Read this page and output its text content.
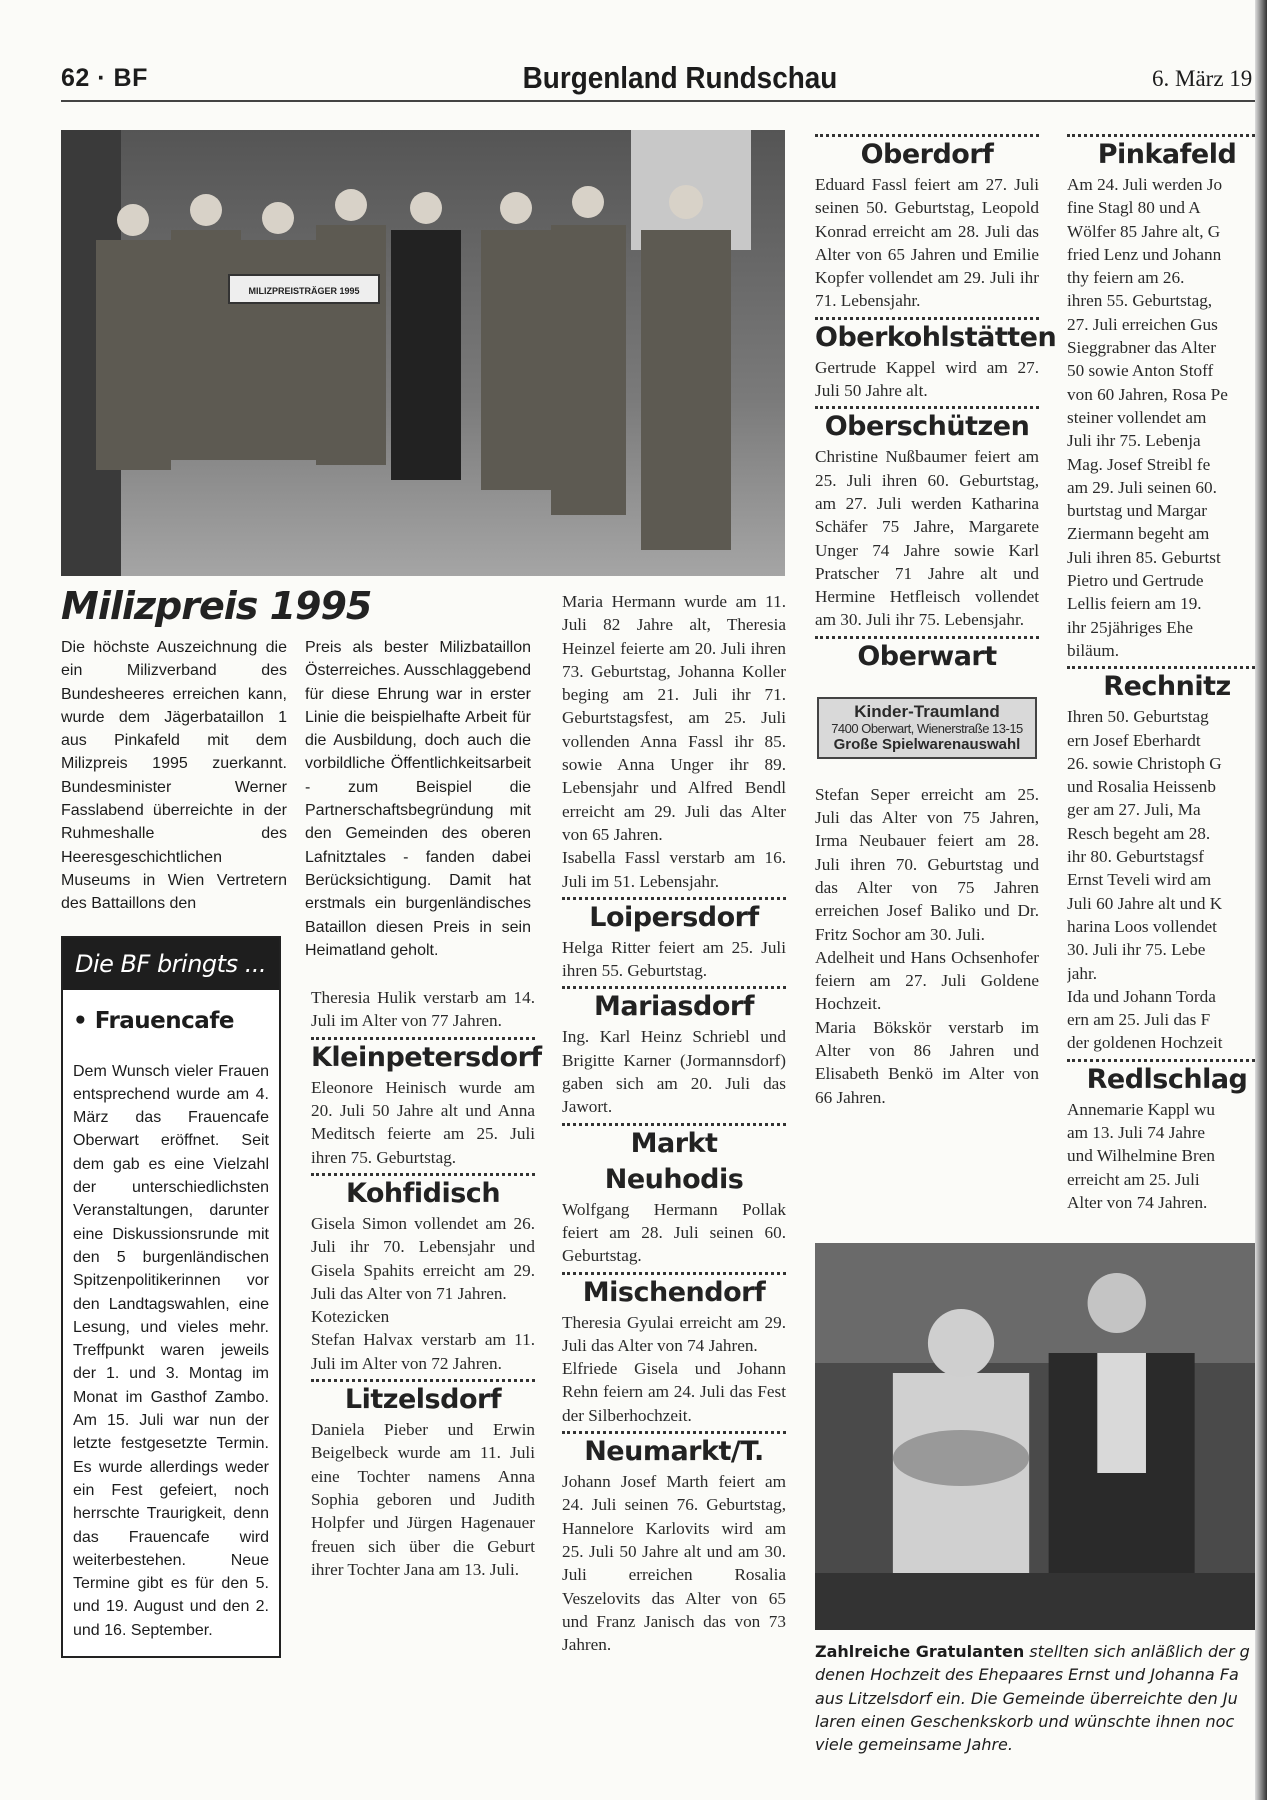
62 · BF	Burgenland Rundschau	6. März 19
MILIZPREISTRÄGER 1995
Milizpreis 1995
Die höchste Auszeichnung die ein Milizverband des Bundesheeres erreichen kann, wurde dem Jägerbataillon 1 aus Pinkafeld mit dem Milizpreis 1995 zuerkannt. Bundesminister Werner Fasslabend überreichte in der Ruhmeshalle des Heeresgeschichtlichen Museums in Wien Vertretern des Battaillons den
Die BF bringts ...
• Frauencafe
Dem Wunsch vieler Frauen entsprechend wurde am 4. März das Frauencafe Oberwart eröffnet. Seit dem gab es eine Vielzahl der unterschiedlichsten Veranstaltungen, darunter eine Diskussionsrunde mit den 5 burgenländischen Spitzenpolitikerinnen vor den Landtagswahlen, eine Lesung, und vieles mehr. Treffpunkt waren jeweils der 1. und 3. Montag im Monat im Gasthof Zambo. Am 15. Juli war nun der letzte festgesetzte Termin. Es wurde allerdings weder ein Fest gefeiert, noch herrschte Traurigkeit, denn das Frauencafe wird weiterbestehen. Neue Termine gibt es für den 5. und 19. August und den 2. und 16. September.
Preis als bester Milizbataillon Österreiches. Ausschlaggebend für diese Ehrung war in erster Linie die beispielhafte Arbeit für die Ausbildung, doch auch die vorbildliche Öffentlichkeitsarbeit - zum Beispiel die Partnerschaftsbegründung mit den Gemeinden des oberen Lafnitztales - fanden dabei Berücksichtigung. Damit hat erstmals ein burgenländisches Bataillon diesen Preis in sein Heimatland geholt.

Theresia Hulik verstarb am 14. Juli im Alter von 77 Jahren.

Kleinpetersdorf

Eleonore Heinisch wurde am 20. Juli 50 Jahre alt und Anna Meditsch feierte am 25. Juli ihren 75. Geburtstag.

Kohfidisch

Gisela Simon vollendet am 26. Juli ihr 70. Lebensjahr und Gisela Spahits erreicht am 29. Juli das Alter von 71 Jahren.

Kotezicken

Stefan Halvax verstarb am 11. Juli im Alter von 72 Jahren.

Litzelsdorf

Daniela Pieber und Erwin Beigelbeck wurde am 11. Juli eine Tochter namens Anna Sophia geboren und Judith Holpfer und Jürgen Hagenauer freuen sich über die Geburt ihrer Tochter Jana am 13. Juli.

Maria Hermann wurde am 11. Juli 82 Jahre alt, Theresia Heinzel feierte am 20. Juli ihren 73. Geburtstag, Johanna Koller beging am 21. Juli ihr 71. Geburtstagsfest, am 25. Juli vollenden Anna Fassl ihr 85. sowie Anna Unger ihr 89. Lebensjahr und Alfred Bendl erreicht am 29. Juli das Alter von 65 Jahren.

Isabella Fassl verstarb am 16. Juli im 51. Lebensjahr.

Loipersdorf

Helga Ritter feiert am 25. Juli ihren 55. Geburtstag.

Mariasdorf

Ing. Karl Heinz Schriebl und Brigitte Karner (Jormannsdorf) gaben sich am 20. Juli das Jawort.

Markt Neuhodis

Wolfgang Hermann Pollak feiert am 28. Juli seinen 60. Geburtstag.

Mischendorf

Theresia Gyulai erreicht am 29. Juli das Alter von 74 Jahren.

Elfriede Gisela und Johann Rehn feiern am 24. Juli das Fest der Silberhochzeit.

Neumarkt/T.

Johann Josef Marth feiert am 24. Juli seinen 76. Geburtstag, Hannelore Karlovits wird am 25. Juli 50 Jahre alt und am 30. Juli erreichen Rosalia Veszelovits das Alter von 65 und Franz Janisch das von 73 Jahren.

Oberdorf

Eduard Fassl feiert am 27. Juli seinen 50. Geburtstag, Leopold Konrad erreicht am 28. Juli das Alter von 65 Jahren und Emilie Kopfer vollendet am 29. Juli ihr 71. Lebensjahr.

Oberkohlstätten

Gertrude Kappel wird am 27. Juli 50 Jahre alt.

Oberschützen

Christine Nußbaumer feiert am 25. Juli ihren 60. Geburtstag, am 27. Juli werden Katharina Schäfer 75 Jahre, Margarete Unger 74 Jahre sowie Karl Pratscher 71 Jahre alt und Hermine Hetfleisch vollendet am 30. Juli ihr 75. Lebensjahr.

Oberwart
Kinder-Traumland
7400 Oberwart, Wienerstraße 13-15
Große Spielwarenauswahl

Stefan Seper erreicht am 25. Juli das Alter von 75 Jahren, Irma Neubauer feiert am 28. Juli ihren 70. Geburtstag und das Alter von 75 Jahren erreichen Josef Baliko und Dr. Fritz Sochor am 30. Juli.

Adelheit und Hans Ochsenhofer feiern am 27. Juli Goldene Hochzeit.

Maria Bökskör verstarb im Alter von 86 Jahren und Elisabeth Benkö im Alter von 66 Jahren.

Pinkafeld
Am 24. Juli werden Jo
fine Stagl 80 und A
Wölfer 85 Jahre alt, G
fried Lenz und Johann
thy feiern am 26.
ihren 55. Geburtstag,
27. Juli erreichen Gus
Sieggrabner das Alter
50 sowie Anton Stoff
von 60 Jahren, Rosa Pe
steiner vollendet am
Juli ihr 75. Lebenja
Mag. Josef Streibl fe
am 29. Juli seinen 60.
burtstag und Margar
Ziermann begeht am
Juli ihren 85. Geburtst
Pietro und Gertrude
Lellis feiern am 19.
ihr 25jähriges Ehe
biläum.
Rechnitz
Ihren 50. Geburtstag
ern Josef Eberhardt
26. sowie Christoph G
und Rosalia Heissenb
ger am 27. Juli, Ma
Resch begeht am 28.
ihr 80. Geburtstagsf
Ernst Teveli wird am
Juli 60 Jahre alt und K
harina Loos vollendet
30. Juli ihr 75. Lebe
jahr.
Ida und Johann Torda
ern am 25. Juli das F
der goldenen Hochzeit
Redlschlag
Annemarie Kappl wu
am 13. Juli 74 Jahre
und Wilhelmine Bren
erreicht am 25. Juli
Alter von 74 Jahren.
Zahlreiche Gratulanten stellten sich anläßlich der g
denen Hochzeit des Ehepaares Ernst und Johanna Fa
aus Litzelsdorf ein. Die Gemeinde überreichte den Ju
laren einen Geschenkskorb und wünschte ihnen noc
viele gemeinsame Jahre.
